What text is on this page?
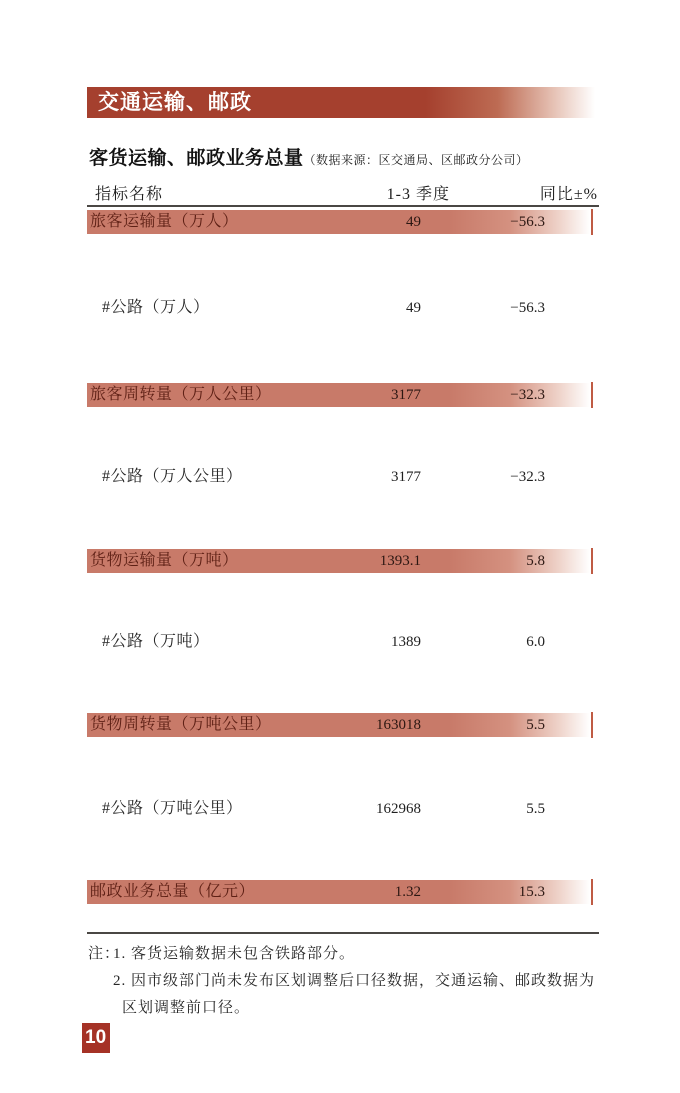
交通运输、邮政
客货运输、邮政业务总量（数据来源：区交通局、区邮政分公司）
指标名称	1-3 季度	同比±%
旅客运输量（万人）	49	−56.3
#公路（万人）	49	−56.3
旅客周转量（万人公里）	3177	−32.3
#公路（万人公里）	3177	−32.3
货物运输量（万吨）	1393.1	5.8
#公路（万吨）	1389	6.0
货物周转量（万吨公里）	163018	5.5
#公路（万吨公里）	162968	5.5
邮政业务总量（亿元）	1.32	15.3
注：
1. 客货运输数据未包含铁路部分。
2. 因市级部门尚未发布区划调整后口径数据，交通运输、邮政数据为
区划调整前口径。
10
